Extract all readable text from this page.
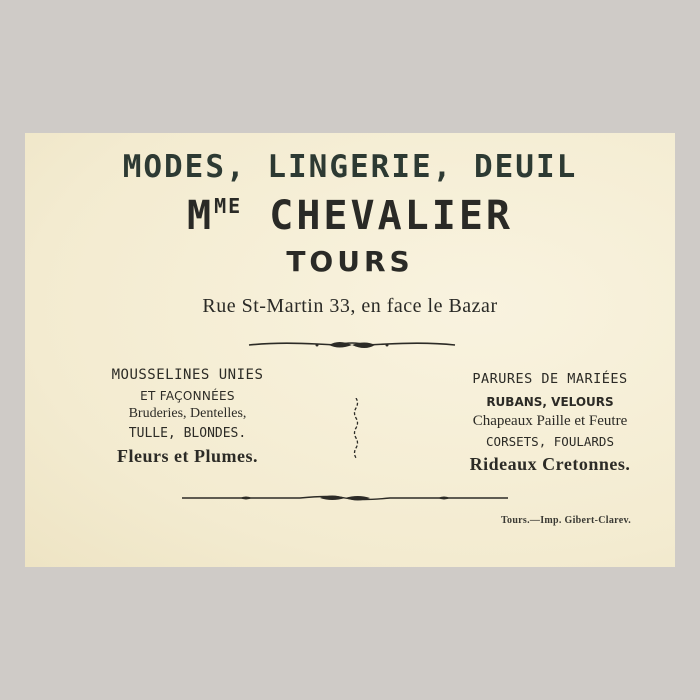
MODES, LINGERIE, DEUIL
$M^{ME}$ CHEVALIER
TOURS
Rue St-Martin 33, en face le Bazar
MOUSSELINES UNIES
ET FAÇONNÉES
Bruderies, Dentelles,
TULLE, BLONDES.
Fleurs et Plumes.
PARURES DE MARIÉES
RUBANS, VELOURS
Chapeaux Paille et Feutre
CORSETS, FOULARDS
Rideaux Cretonnes.
Tours.—Imp. Gibert-Clarev.
